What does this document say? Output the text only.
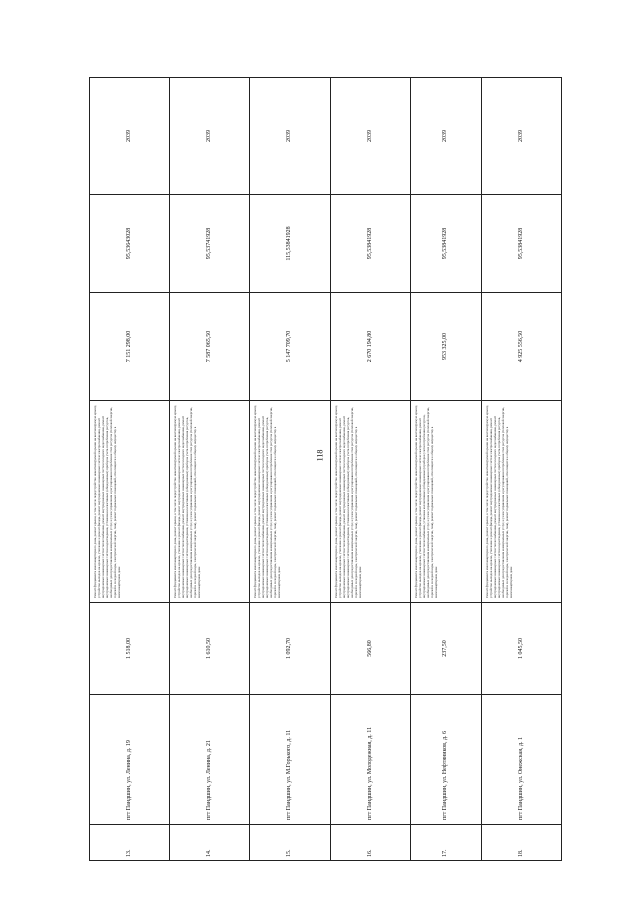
118
13.	пгт Пандшин, ул. Ленина, д. 19	1 518,00	Ремонт фундамента многоквартирного дома, ремонт крыши, в том числе переустройство невентилируемой крыши на вентилируемую крышу, устройство выходов на кровлю, утепление и ремонт фасада, ремонт внутридомовых инженерных систем электроснабжения, ремонт внутридомовых инженерных систем теплоснабжения, ремонт внутридомовых инженерных систем холодного водоснабжения, ремонт внутридомовых инженерных систем водоотведения, установка коллективных (общедомовых) приборов учета потребления ресурсов, необходимых для предоставления коммунальных услуг, и узлов управления и регулирования потребления этих ресурсов (тепловой энергии, горячей и холодной воды, электрической энергии, газа), ремонт подвальных помещений, относящихся к общему имуществу в многоквартирном доме	7 151 298,00	95,53643028	2039
14.	пгт Пандшин, ул. Ленина, д. 21	1 610,50	Ремонт фундамента многоквартирного дома, ремонт крыши, в том числе переустройство невентилируемой крыши на вентилируемую крышу, устройство выходов на кровлю, утепление и ремонт фасада, ремонт внутридомовых инженерных систем электроснабжения, ремонт внутридомовых инженерных систем теплоснабжения, ремонт внутридомовых инженерных систем холодного водоснабжения, ремонт внутридомовых инженерных систем водоотведения, установка коллективных (общедомовых) приборов учета потребления ресурсов, необходимых для предоставления коммунальных услуг, и узлов управления и регулирования потребления этих ресурсов (тепловой энергии, горячей и холодной воды, электрической энергии, газа), ремонт подвальных помещений, относящихся к общему имуществу в многоквартирном доме	7 587 065,50	95,53741928	2039
15.	пгт Пандшин, ул. М.Горького, д. 11	1 092,70	Ремонт фундамента многоквартирного дома, ремонт крыши, в том числе переустройство невентилируемой крыши на вентилируемую крышу, устройство выходов на кровлю, утепление и ремонт фасада, ремонт внутридомовых инженерных систем электроснабжения, ремонт внутридомовых инженерных систем теплоснабжения, ремонт внутридомовых инженерных систем холодного водоснабжения, ремонт внутридомовых инженерных систем водоотведения, установка коллективных (общедомовых) приборов учета потребления ресурсов, необходимых для предоставления коммунальных услуг, и узлов управления и регулирования потребления этих ресурсов (тепловой энергии, горячей и холодной воды, электрической энергии, газа), ремонт подвальных помещений, относящихся к общему имуществу в многоквартирном доме	5 147 709,70	115,53841928	2039
16.	пгт Пандшин, ул. Молодежная, д. 11	566,80	Ремонт фундамента многоквартирного дома, ремонт крыши, в том числе переустройство невентилируемой крыши на вентилируемую крышу, устройство выходов на кровлю, утепление и ремонт фасада, ремонт внутридомовых инженерных систем электроснабжения, ремонт внутридомовых инженерных систем теплоснабжения, ремонт внутридомовых инженерных систем холодного водоснабжения, ремонт внутридомовых инженерных систем водоотведения, установка коллективных (общедомовых) приборов учета потребления ресурсов, необходимых для предоставления коммунальных услуг, и узлов управления и регулирования потребления этих ресурсов (тепловой энергии, горячей и холодной воды, электрической энергии, газа), ремонт подвальных помещений, относящихся к общему имуществу в многоквартирном доме	2 670 194,80	95,53841928	2039
17.	пгт Пандшин, ул. Нефтяников, д. 6	237,50	Ремонт фундамента многоквартирного дома, ремонт крыши, в том числе переустройство невентилируемой крыши на вентилируемую крышу, устройство выходов на кровлю, утепление и ремонт фасада, ремонт внутридомовых инженерных систем электроснабжения, ремонт внутридомовых инженерных систем теплоснабжения, установка коллективных (общедомовых) приборов учета потребления ресурсов, необходимых для предоставления коммунальных услуг, и узлов управления и регулирования потребления этих ресурсов (тепловой энергии, горячей и холодной воды, электрической энергии, газа), ремонт подвальных помещений, относящихся к общему имуществу в многоквартирном доме	953 325,00	95,53841928	2039
18.	пгт Пандшин, ул. Онежская, д. 1	1 045,50	Ремонт фундамента многоквартирного дома, ремонт крыши, в том числе переустройство невентилируемой крыши на вентилируемую крышу, устройство выходов на кровлю, утепление и ремонт фасада, ремонт внутридомовых инженерных систем электроснабжения, ремонт внутридомовых инженерных систем теплоснабжения, ремонт внутридомовых инженерных систем холодного водоснабжения, ремонт внутридомовых инженерных систем водоотведения, установка коллективных (общедомовых) приборов учета потребления ресурсов, необходимых для предоставления коммунальных услуг, и узлов управления и регулирования потребления этих ресурсов (тепловой энергии, горячей и холодной воды, электрической энергии, газа), ремонт подвальных помещений, относящихся к общему имуществу в многоквартирном доме	4 925 556,50	95,53841928	2039
